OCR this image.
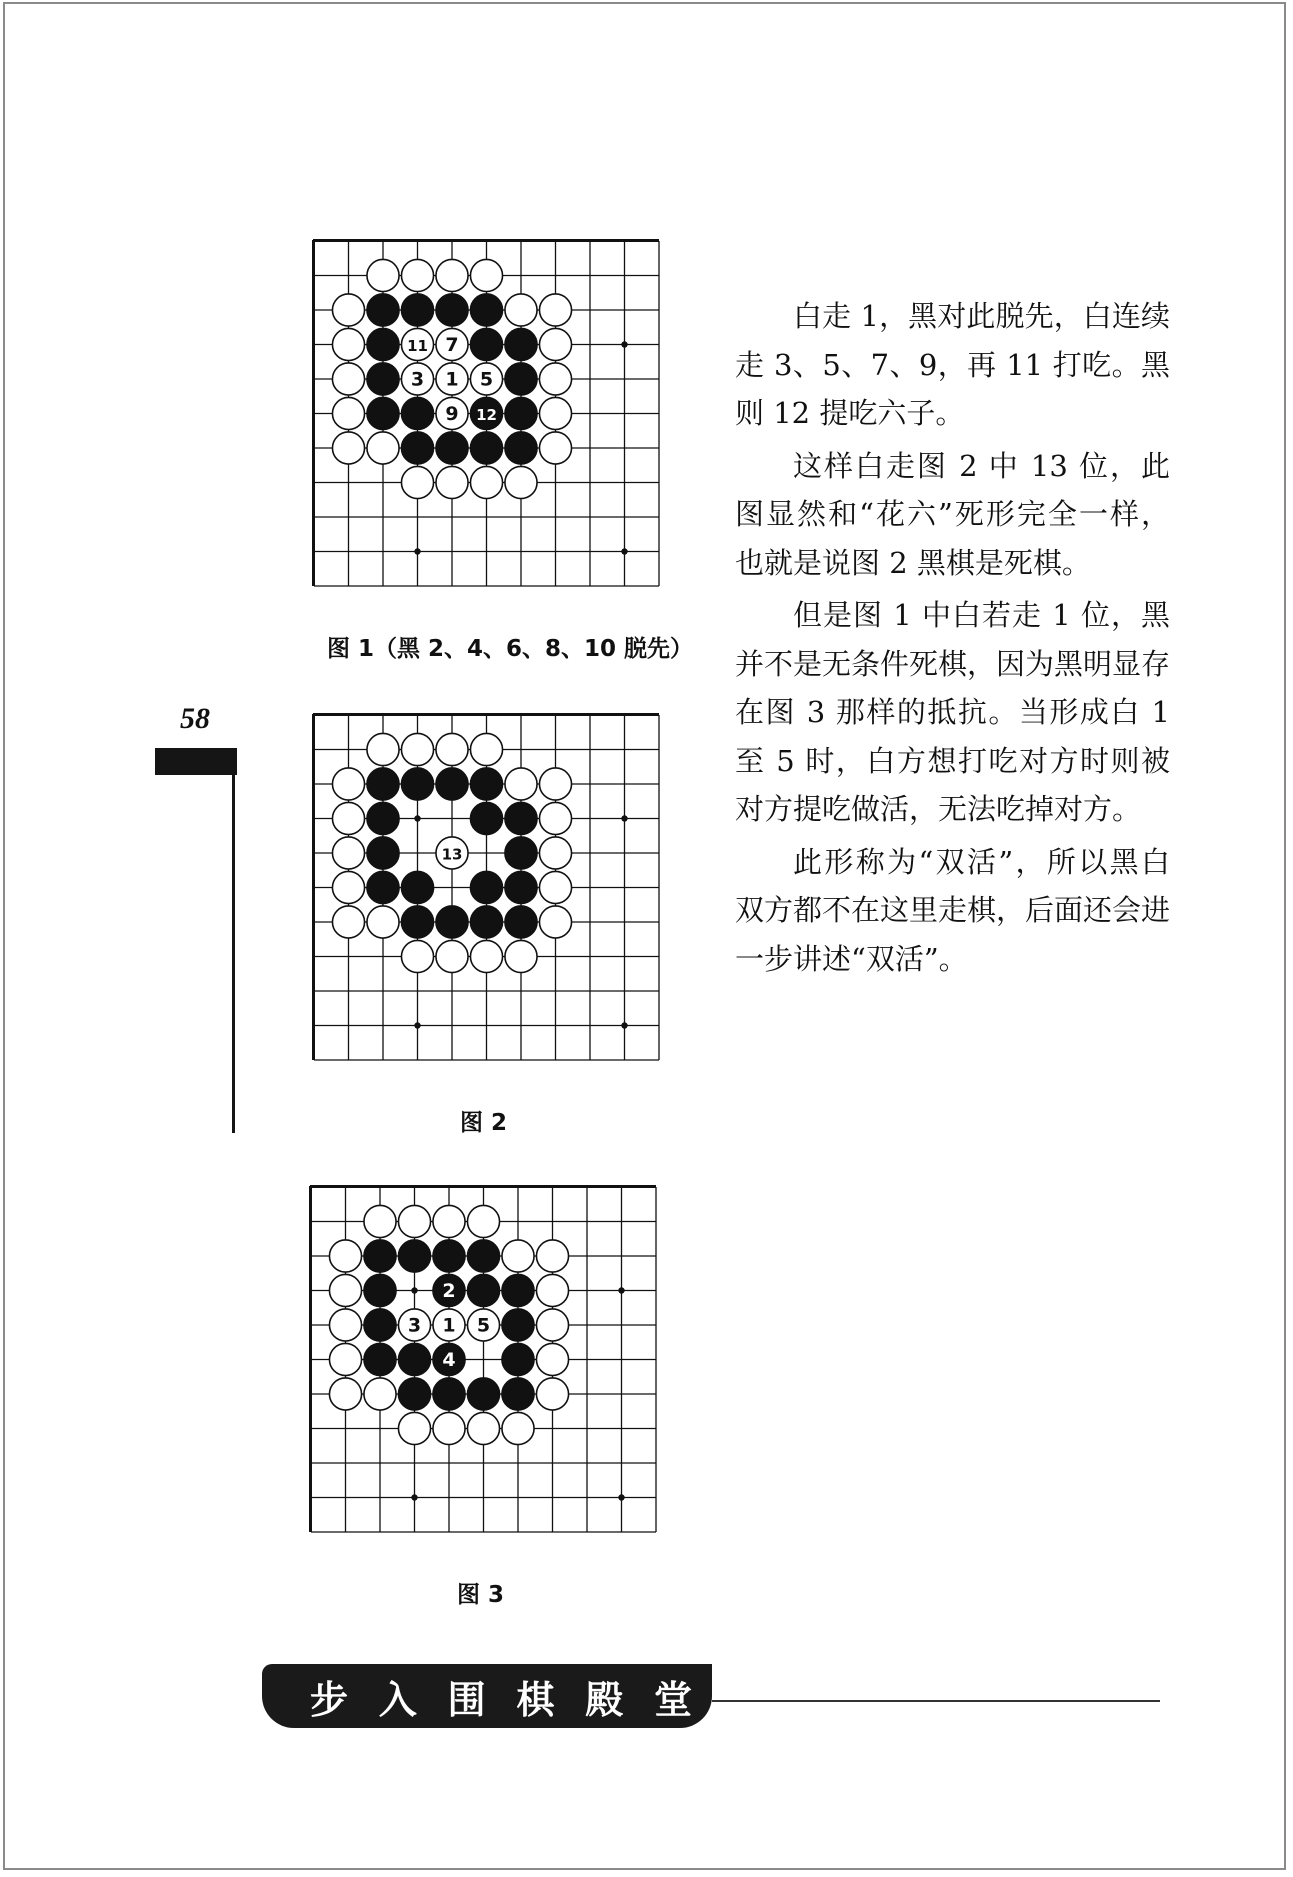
11 7
3 1 5
9 12
图 1（黑 2、4、6、8、10 脱先）
13
图 2
2
3 1 5
4
图 3
58

白走 1，黑对此脱先，白连续走 3、5、7、9，再 11 打吃。黑则 12 提吃六子。

这样白走图 2 中 13 位，此图显然和“花六”死形完全一样，也就是说图 2 黑棋是死棋。

但是图 1 中白若走 1 位，黑并不是无条件死棋，因为黑明显存在图 3 那样的抵抗。当形成白 1 至 5 时，白方想打吃对方时则被对方提吃做活，无法吃掉对方。

此形称为“双活”，所以黑白双方都不在这里走棋，后面还会进一步讲述“双活”。

步 入 围 棋 殿 堂
